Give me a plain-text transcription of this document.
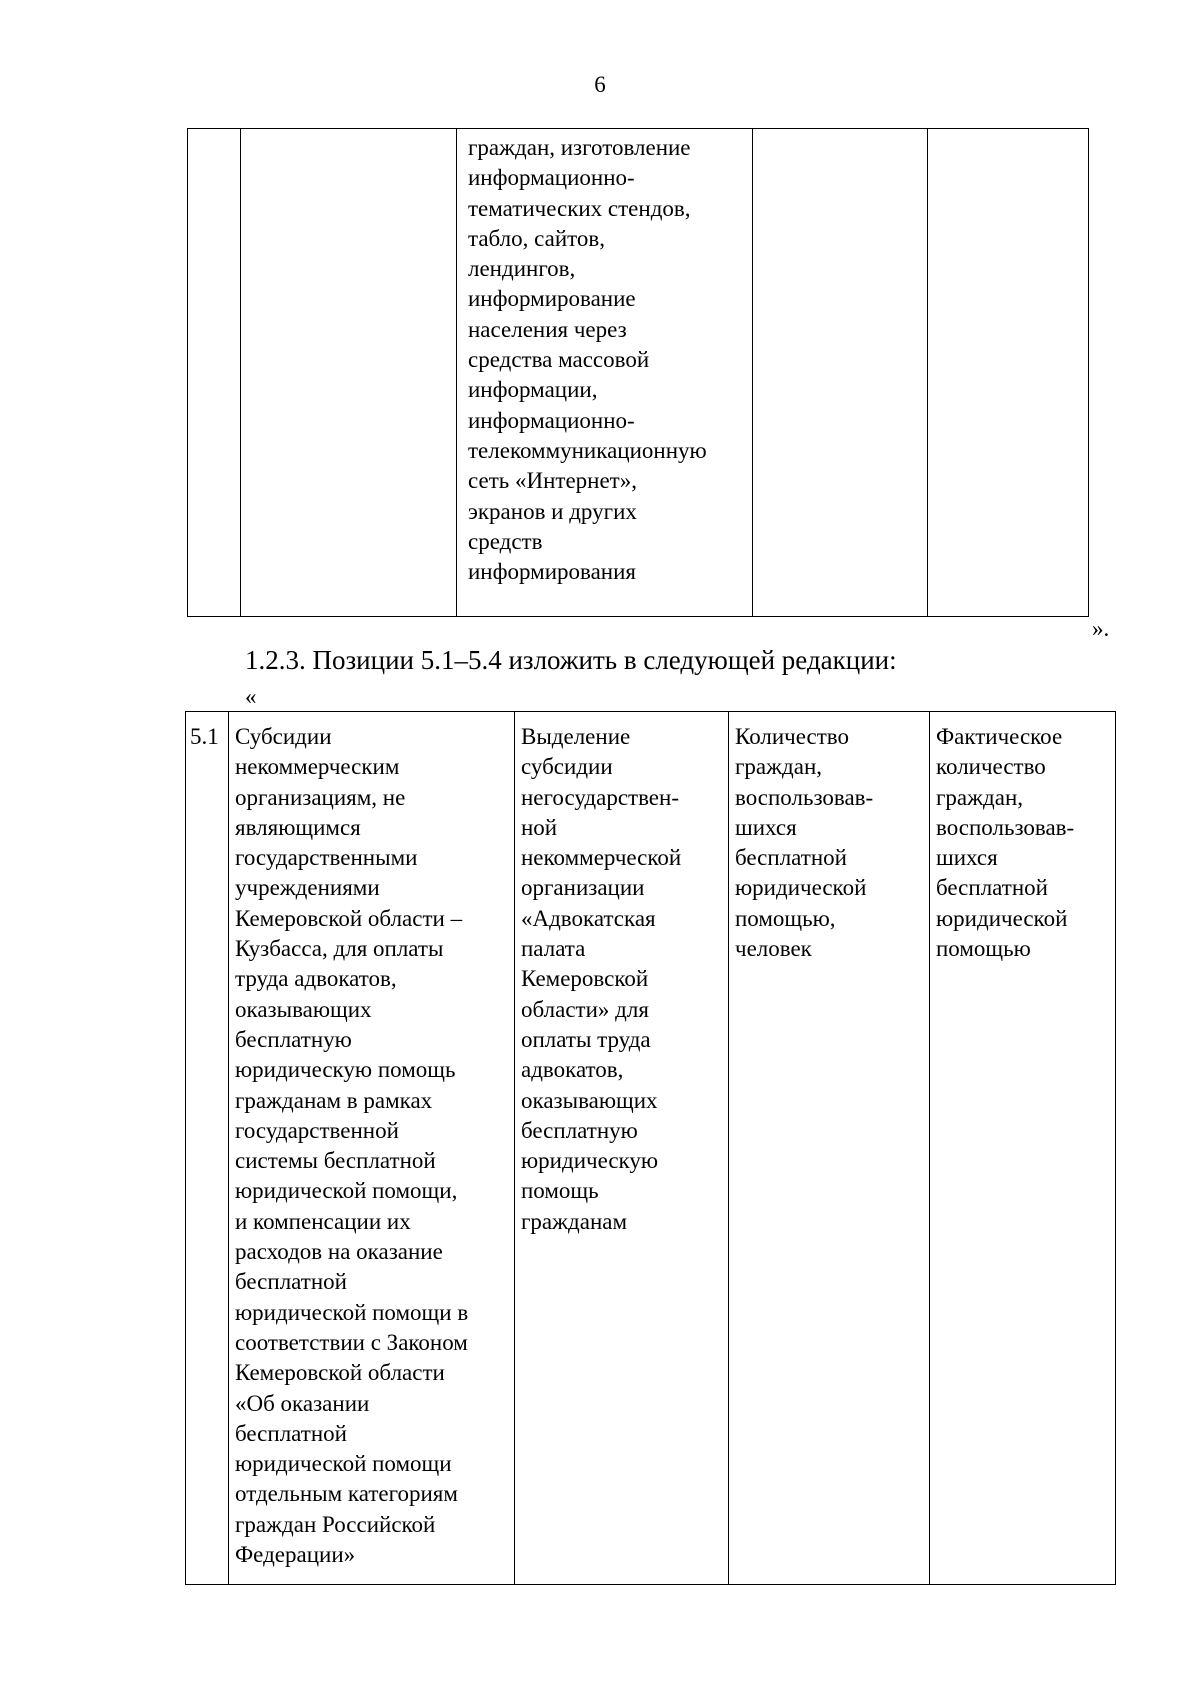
6
		граждан, изготовление
информационно-
тематических стендов,
табло, сайтов,
лендингов,
информирование
населения через
средства массовой
информации,
информационно-
телекоммуникационную
сеть «Интернет»,
экранов и других
средств
информирования		
».
1.2.3. Позиции 5.1–5.4 изложить в следующей редакции:
«
5.1	Субсидии
некоммерческим
организациям, не
являющимся
государственными
учреждениями
Кемеровской области –
Кузбасса, для оплаты
труда адвокатов,
оказывающих
бесплатную
юридическую помощь
гражданам в рамках
государственной
системы бесплатной
юридической помощи,
и компенсации их
расходов на оказание
бесплатной
юридической помощи в
соответствии с Законом
Кемеровской области
«Об оказании
бесплатной
юридической помощи
отдельным категориям
граждан Российской
Федерации»	Выделение
субсидии
негосударствен-
ной
некоммерческой
организации
«Адвокатская
палата
Кемеровской
области» для
оплаты труда
адвокатов,
оказывающих
бесплатную
юридическую
помощь
гражданам	Количество
граждан,
воспользовав-
шихся
бесплатной
юридической
помощью,
человек	Фактическое
количество
граждан,
воспользовав-
шихся
бесплатной
юридической
помощью
